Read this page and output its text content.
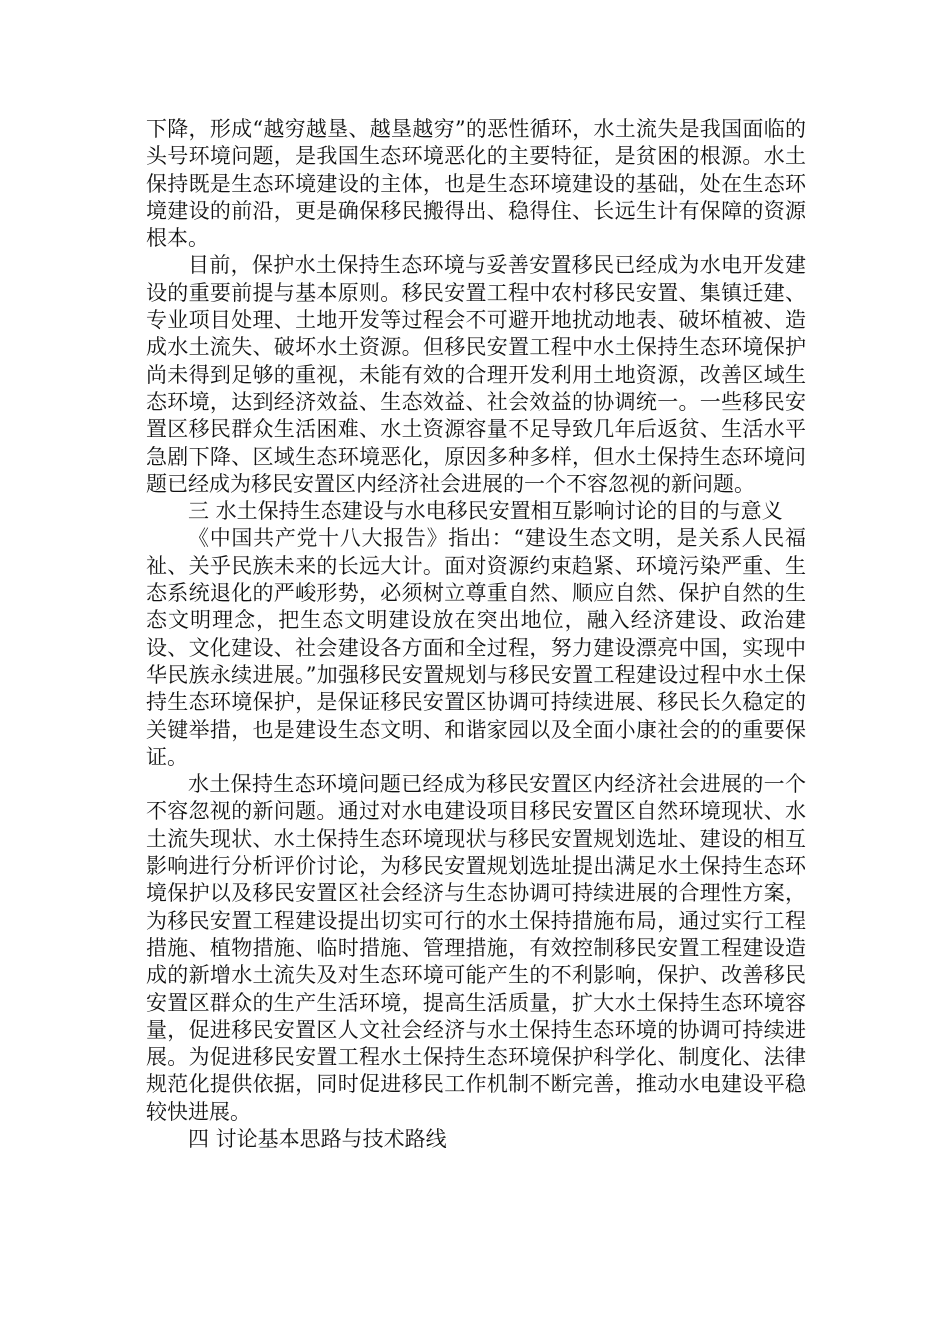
下降，形成“越穷越垦、越垦越穷”的恶性循环，水土流失是我国面临的头号环境问题，是我国生态环境恶化的主要特征，是贫困的根源。水土保持既是生态环境建设的主体，也是生态环境建设的基础，处在生态环境建设的前沿，更是确保移民搬得出、稳得住、长远生计有保障的资源根本。

目前，保护水土保持生态环境与妥善安置移民已经成为水电开发建设的重要前提与基本原则。移民安置工程中农村移民安置、集镇迁建、专业项目处理、土地开发等过程会不可避开地扰动地表、破坏植被、造成水土流失、破坏水土资源。但移民安置工程中水土保持生态环境保护尚未得到足够的重视，未能有效的合理开发利用土地资源，改善区域生态环境，达到经济效益、生态效益、社会效益的协调统一。一些移民安置区移民群众生活困难、水土资源容量不足导致几年后返贫、生活水平急剧下降、区域生态环境恶化，原因多种多样，但水土保持生态环境问题已经成为移民安置区内经济社会进展的一个不容忽视的新问题。

三 水土保持生态建设与水电移民安置相互影响讨论的目的与意义

《中国共产党十八大报告》指出：“建设生态文明，是关系人民福祉、关乎民族未来的长远大计。面对资源约束趋紧、环境污染严重、生态系统退化的严峻形势，必须树立尊重自然、顺应自然、保护自然的生态文明理念，把生态文明建设放在突出地位，融入经济建设、政治建设、文化建设、社会建设各方面和全过程，努力建设漂亮中国，实现中华民族永续进展。”加强移民安置规划与移民安置工程建设过程中水土保持生态环境保护，是保证移民安置区协调可持续进展、移民长久稳定的关键举措，也是建设生态文明、和谐家园以及全面小康社会的的重要保证。

水土保持生态环境问题已经成为移民安置区内经济社会进展的一个不容忽视的新问题。通过对水电建设项目移民安置区自然环境现状、水土流失现状、水土保持生态环境现状与移民安置规划选址、建设的相互影响进行分析评价讨论，为移民安置规划选址提出满足水土保持生态环境保护以及移民安置区社会经济与生态协调可持续进展的合理性方案，为移民安置工程建设提出切实可行的水土保持措施布局，通过实行工程措施、植物措施、临时措施、管理措施，有效控制移民安置工程建设造成的新增水土流失及对生态环境可能产生的不利影响，保护、改善移民安置区群众的生产生活环境，提高生活质量，扩大水土保持生态环境容量，促进移民安置区人文社会经济与水土保持生态环境的协调可持续进展。为促进移民安置工程水土保持生态环境保护科学化、制度化、法律规范化提供依据，同时促进移民工作机制不断完善，推动水电建设平稳较快进展。

四 讨论基本思路与技术路线
